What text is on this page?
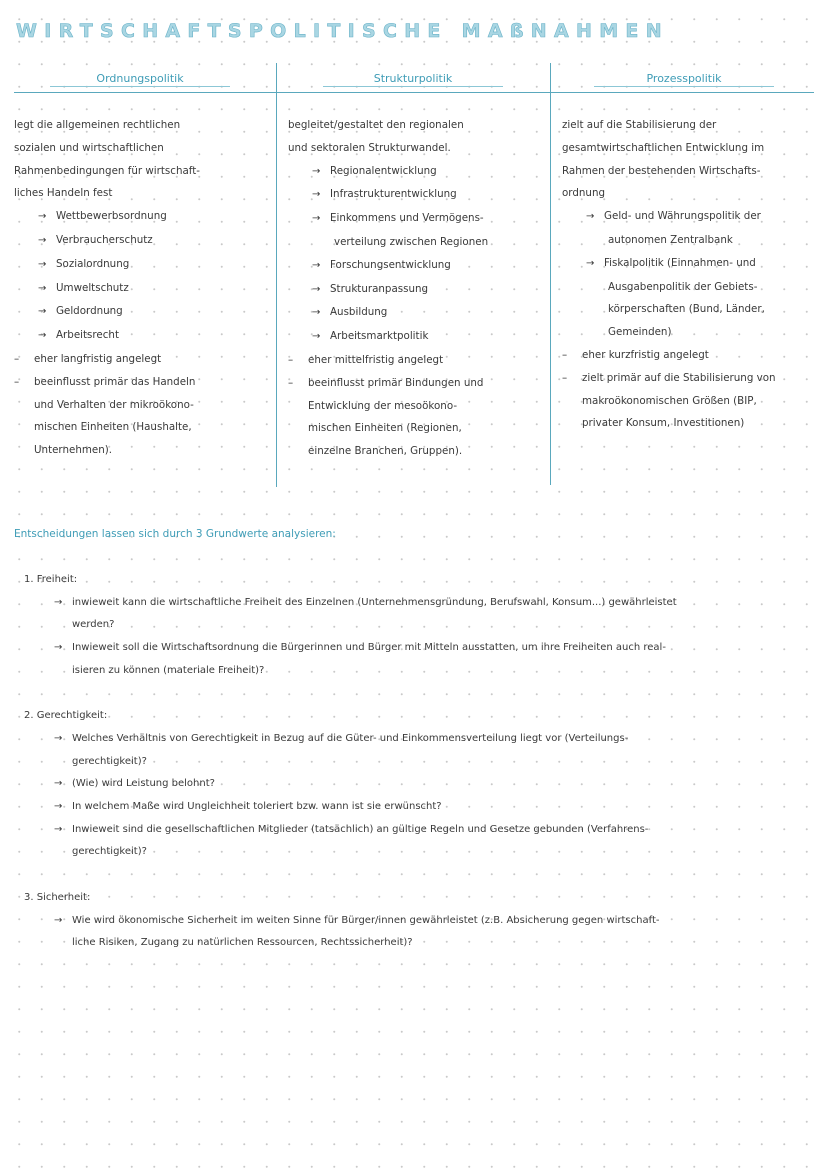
WIRTSCHAFTSPOLITISCHE MAßNAHMEN
Ordnungspolitik	Strukturpolitik	Prozesspolitik
legt die allgemeinen rechtlichen
sozialen und wirtschaftlichen
Rahmenbedingungen für wirtschaft-
liches Handeln fest
→ Wettbewerbsordnung
→ Verbraucherschutz
→ Sozialordnung
→ Umweltschutz
→ Geldordnung
→ Arbeitsrecht
– eher langfristig angelegt
– beeinflusst primär das Handeln
und Verhalten der mikroökono-
mischen Einheiten (Haushalte,
Unternehmen).
begleitet/gestaltet den regionalen
und sektoralen Strukturwandel.
→ Regionalentwicklung
→ Infrastrukturentwicklung
→ Einkommens und Vermögens-
verteilung zwischen Regionen
→ Forschungsentwicklung
→ Strukturanpassung
→ Ausbildung
→ Arbeitsmarktpolitik
– eher mittelfristig angelegt
– beeinflusst primär Bindungen und
Entwicklung der mesoökono-
mischen Einheiten (Regionen,
einzelne Branchen, Gruppen).
zielt auf die Stabilisierung der
gesamtwirtschaftlichen Entwicklung im
Rahmen der bestehenden Wirtschafts-
ordnung
→ Geld- und Währungspolitik der
autonomen Zentralbank
→ Fiskalpolitik (Einnahmen- und
Ausgabenpolitik der Gebiets-
körperschaften (Bund, Länder,
Gemeinden)
– eher kurzfristig angelegt
– zielt primär auf die Stabilisierung von
makroökonomischen Größen (BIP,
privater Konsum, Investitionen)
Entscheidungen lassen sich durch 3 Grundwerte analysieren:
1. Freiheit:
→ inwieweit kann die wirtschaftliche Freiheit des Einzelnen (Unternehmensgründung, Berufswahl, Konsum...) gewährleistet
werden?
→ Inwieweit soll die Wirtschaftsordnung die Bürgerinnen und Bürger mit Mitteln ausstatten, um ihre Freiheiten auch real-
isieren zu können (materiale Freiheit)?
2. Gerechtigkeit:
→ Welches Verhältnis von Gerechtigkeit in Bezug auf die Güter- und Einkommensverteilung liegt vor (Verteilungs-
gerechtigkeit)?
→ (Wie) wird Leistung belohnt?
→ In welchem Maße wird Ungleichheit toleriert bzw. wann ist sie erwünscht?
→ Inwieweit sind die gesellschaftlichen Mitglieder (tatsächlich) an gültige Regeln und Gesetze gebunden (Verfahrens-
gerechtigkeit)?
3. Sicherheit:
→ Wie wird ökonomische Sicherheit im weiten Sinne für Bürger/innen gewährleistet (z.B. Absicherung gegen wirtschaft-
liche Risiken, Zugang zu natürlichen Ressourcen, Rechtssicherheit)?
